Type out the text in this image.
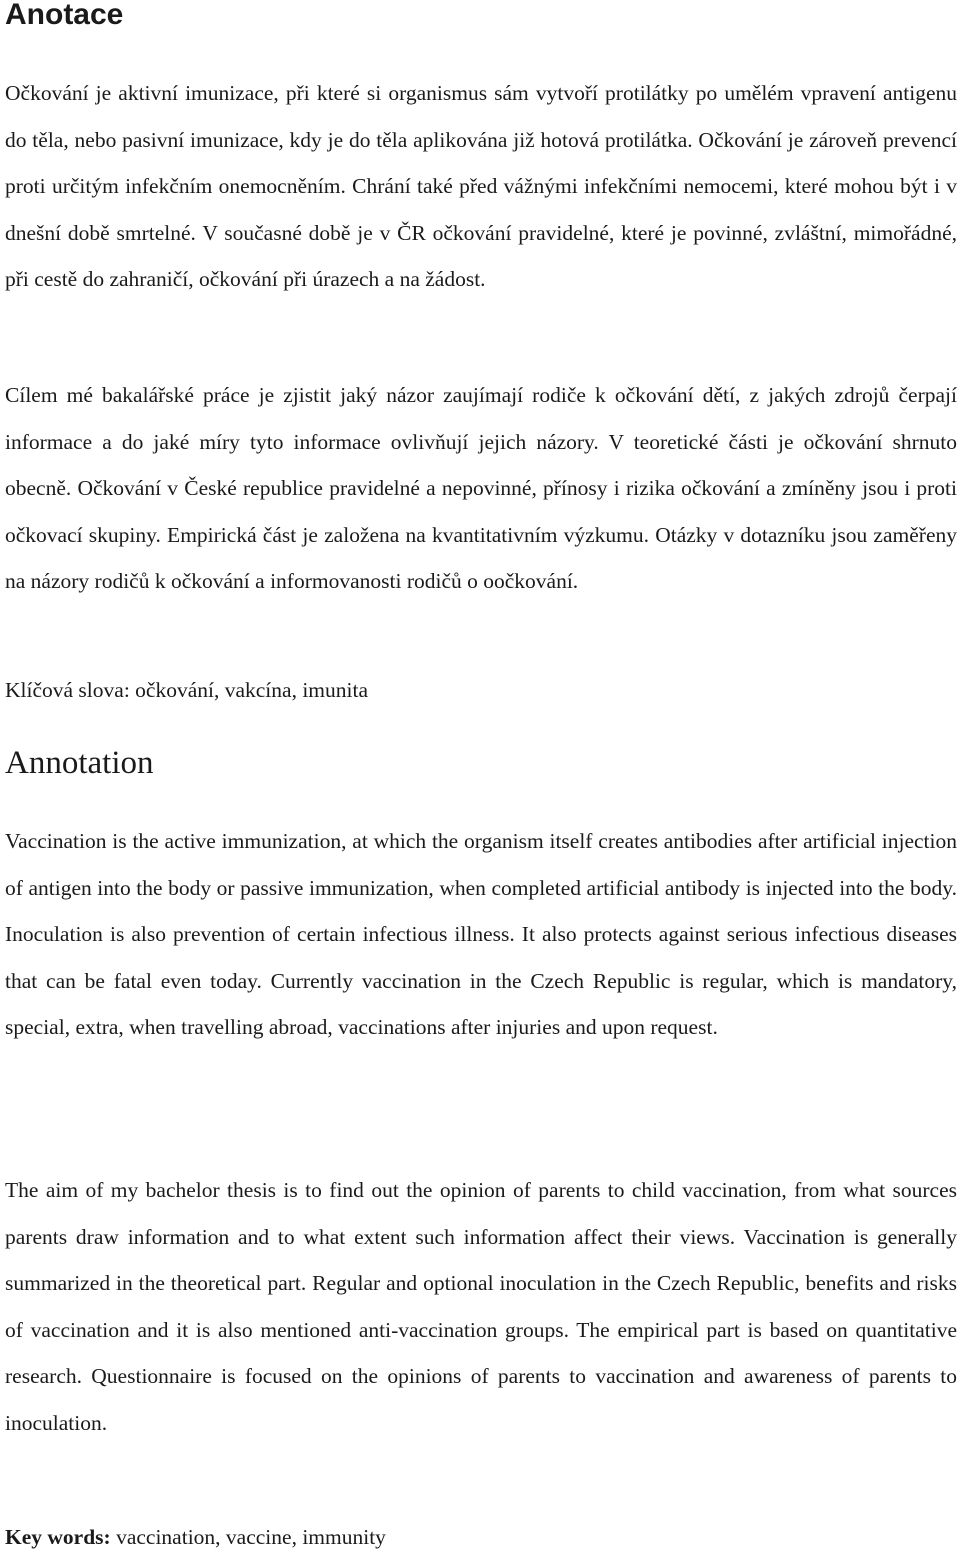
Anotace

Očkování je aktivní imunizace, při které si organismus sám vytvoří protilátky po umělém vpravení antigenu do těla, nebo pasivní imunizace, kdy je do těla aplikována již hotová protilátka. Očkování je zároveň prevencí proti určitým infekčním onemocněním. Chrání také před vážnými infekčními nemocemi, které mohou být i v dnešní době smrtelné. V současné době je v ČR očkování pravidelné, které je povinné, zvláštní, mimořádné, při cestě do zahraničí, očkování při úrazech a na žádost.

Cílem mé bakalářské práce je zjistit jaký názor zaujímají rodiče k očkování dětí, z jakých zdrojů čerpají informace a do jaké míry tyto informace ovlivňují jejich názory. V teoretické části je očkování shrnuto obecně. Očkování v České republice pravidelné a nepovinné, přínosy i rizika očkování a zmíněny jsou i proti očkovací skupiny. Empirická část je založena na kvantitativním výzkumu. Otázky v dotazníku jsou zaměřeny na názory rodičů k očkování a informovanosti rodičů o oočkování.

Klíčová slova: očkování, vakcína, imunita

Annotation

Vaccination is the active immunization, at which the organism itself creates antibodies after artificial injection of antigen into the body or passive immunization, when completed artificial antibody is injected into the body. Inoculation is also prevention of certain infectious illness. It also protects against serious infectious diseases that can be fatal even today. Currently vaccination in the Czech Republic is regular, which is mandatory, special, extra, when travelling abroad, vaccinations after injuries and upon request.

The aim of my bachelor thesis is to find out the opinion of parents to child vaccination, from what sources parents draw information and to what extent such information affect their views. Vaccination is generally summarized in the theoretical part. Regular and optional inoculation in the Czech Republic, benefits and risks of vaccination and it is also mentioned anti-vaccination groups. The empirical part is based on quantitative research. Questionnaire is focused on the opinions of parents to vaccination and awareness of parents to inoculation.

Key words: vaccination, vaccine, immunity
